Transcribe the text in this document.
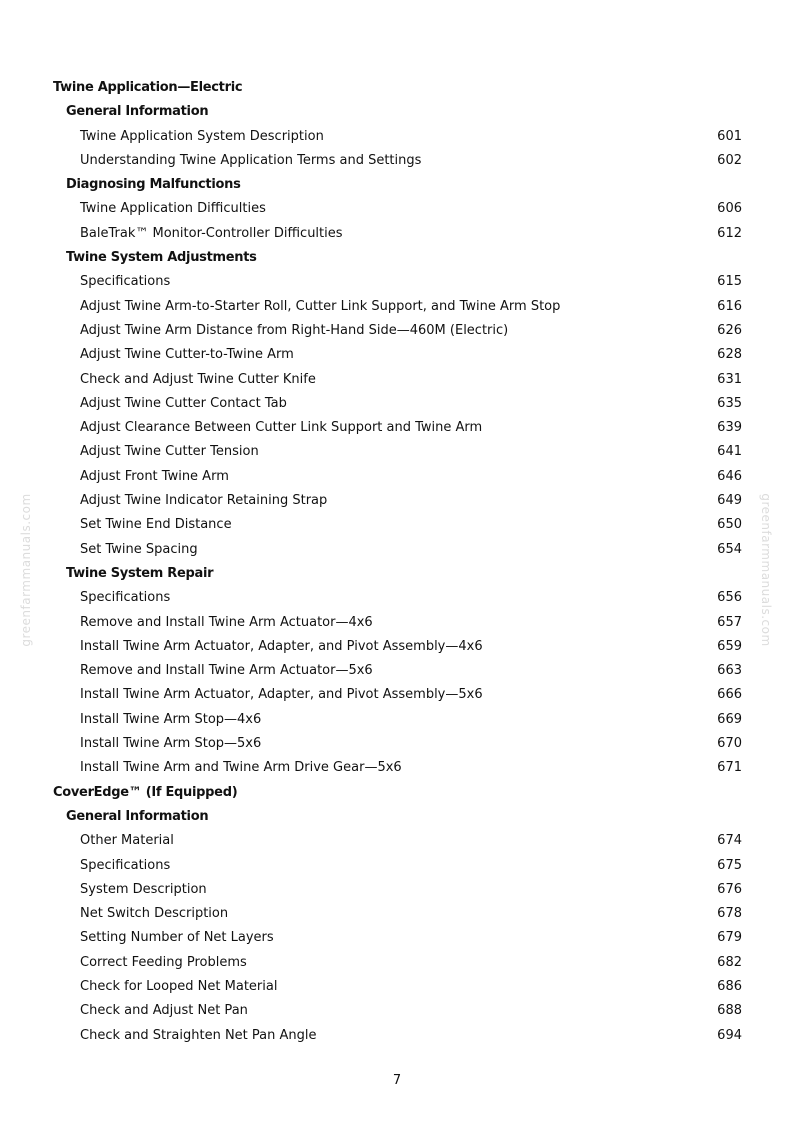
Twine Application—Electric
General Information
Twine Application System Description	601
Understanding Twine Application Terms and Settings	602
Diagnosing Malfunctions
Twine Application Difficulties	606
BaleTrak™ Monitor-Controller Difficulties	612
Twine System Adjustments
Specifications	615
Adjust Twine Arm-to-Starter Roll, Cutter Link Support, and Twine Arm Stop	616
Adjust Twine Arm Distance from Right-Hand Side—460M (Electric)	626
Adjust Twine Cutter-to-Twine Arm	628
Check and Adjust Twine Cutter Knife	631
Adjust Twine Cutter Contact Tab	635
Adjust Clearance Between Cutter Link Support and Twine Arm	639
Adjust Twine Cutter Tension	641
Adjust Front Twine Arm	646
Adjust Twine Indicator Retaining Strap	649
Set Twine End Distance	650
Set Twine Spacing	654
Twine System Repair
Specifications	656
Remove and Install Twine Arm Actuator—4x6	657
Install Twine Arm Actuator, Adapter, and Pivot Assembly—4x6	659
Remove and Install Twine Arm Actuator—5x6	663
Install Twine Arm Actuator, Adapter, and Pivot Assembly—5x6	666
Install Twine Arm Stop—4x6	669
Install Twine Arm Stop—5x6	670
Install Twine Arm and Twine Arm Drive Gear—5x6	671
CoverEdge™ (If Equipped)
General Information
Other Material	674
Specifications	675
System Description	676
Net Switch Description	678
Setting Number of Net Layers	679
Correct Feeding Problems	682
Check for Looped Net Material	686
Check and Adjust Net Pan	688
Check and Straighten Net Pan Angle	694
7
greenfarmmanuals.com	greenfarmmanuals.com
